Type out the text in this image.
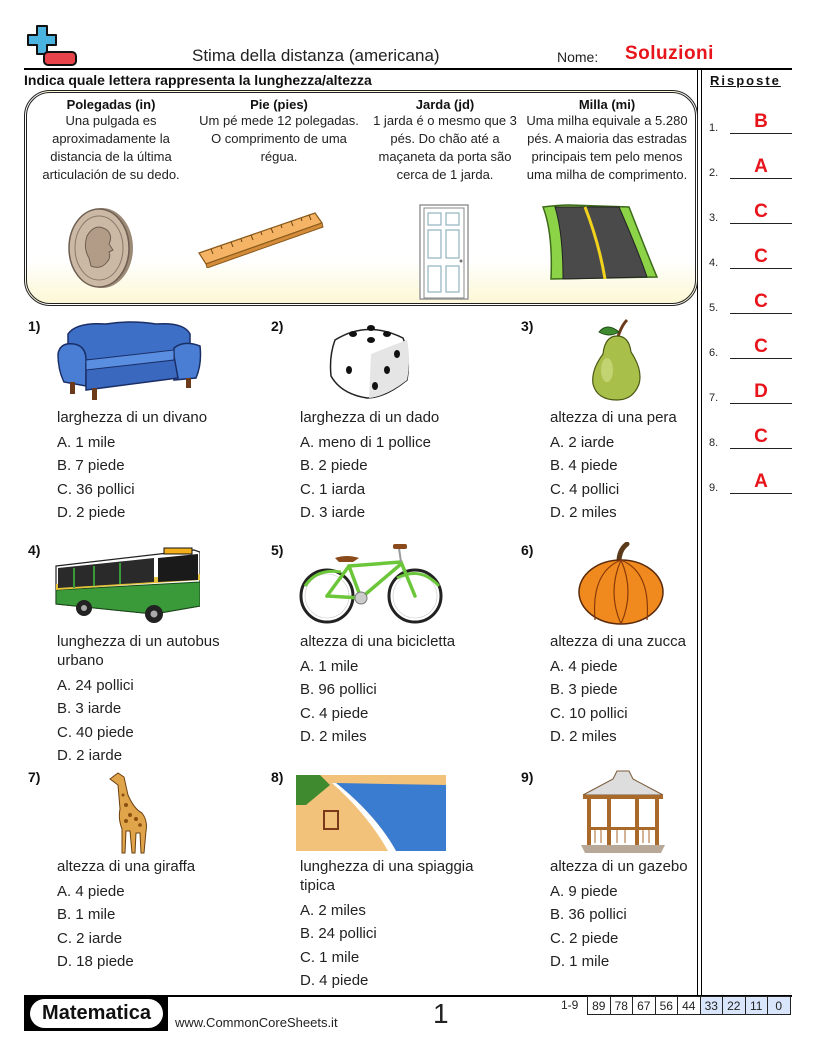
Stima della distanza (americana)	Nome: Soluzioni
Indica quale lettera rappresenta la lunghezza/altezza	Risposte
1.	B
2.	A
3.	C
4.	C
5.	C
6.	C
7.	D
8.	C
9.	A
Polegadas (in)
Una pulgada es aproximadamente la distancia de la última articulación de su dedo.
Pie (pies)
Um pé mede 12 polegadas. O comprimento de uma régua.
Jarda (jd)
1 jarda é o mesmo que 3 pés. Do chão até a maçaneta da porta são cerca de 1 jarda.
Milla (mi)
Uma milha equivale a 5.280 pés. A maioria das estradas principais tem pelo menos uma milha de comprimento.
1)
larghezza di un divano
A. 1 mile
B. 7 piede
C. 36 pollici
D. 2 piede
2)
larghezza di un dado
A. meno di 1 pollice
B. 2 piede
C. 1 iarda
D. 3 iarde
3)
altezza di una pera
A. 2 iarde
B. 4 piede
C. 4 pollici
D. 2 miles
4)
lunghezza di un autobus urbano
A. 24 pollici
B. 3 iarde
C. 40 piede
D. 2 iarde
5)
altezza di una bicicletta
A. 1 mile
B. 96 pollici
C. 4 piede
D. 2 miles
6)
altezza di una zucca
A. 4 piede
B. 3 piede
C. 10 pollici
D. 2 miles
7)
altezza di una giraffa
A. 4 piede
B. 1 mile
C. 2 iarde
D. 18 piede
8)
lunghezza di una spiaggia tipica
A. 2 miles
B. 24 pollici
C. 1 mile
D. 4 piede
9)
altezza di un gazebo
A. 9 piede
B. 36 pollici
C. 2 piede
D. 1 mile
Matematica	www.CommonCoreSheets.it	1	1-9 89	78	67	56	44	33	22	11	0
